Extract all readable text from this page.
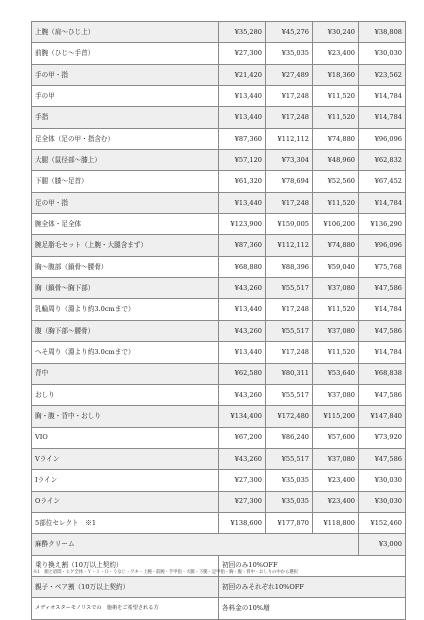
上腕（肩〜ひじ上）	¥35,280	¥45,276	¥30,240	¥38,808
前腕（ひじ〜手首）	¥27,300	¥35,035	¥23,400	¥30,030
手の甲・指	¥21,420	¥27,489	¥18,360	¥23,562
手の甲	¥13,440	¥17,248	¥11,520	¥14,784
手指	¥13,440	¥17,248	¥11,520	¥14,784
足全体（足の甲・指含む）	¥87,360	¥112,112	¥74,880	¥96,096
大腿（鼠径部〜膝上）	¥57,120	¥73,304	¥48,960	¥62,832
下腿（膝〜足首）	¥61,320	¥78,694	¥52,560	¥67,452
足の甲・指	¥13,440	¥17,248	¥11,520	¥14,784
腕全体・足全体	¥123,900	¥159,005	¥106,200	¥136,290
腕足脂毛セット（上腕・大腿含まず）	¥87,360	¥112,112	¥74,880	¥96,096
胸〜腹部（鎖骨〜腰骨）	¥68,880	¥88,396	¥59,040	¥75,768
胸（鎖骨〜胸下部）	¥43,260	¥55,517	¥37,080	¥47,586
乳輪周り（淵より約3.0cmまで）	¥13,440	¥17,248	¥11,520	¥14,784
腹（胸下部〜腰骨）	¥43,260	¥55,517	¥37,080	¥47,586
へそ周り（淵より約3.0cmまで）	¥13,440	¥17,248	¥11,520	¥14,784
背中	¥62,580	¥80,311	¥53,640	¥68,838
おしり	¥43,260	¥55,517	¥37,080	¥47,586
胸・腹・背中・おしり	¥134,400	¥172,480	¥115,200	¥147,840
VIO	¥67,200	¥86,240	¥57,600	¥73,920
Vライン	¥43,260	¥55,517	¥37,080	¥47,586
Iライン	¥27,300	¥35,035	¥23,400	¥30,030
Oライン	¥27,300	¥35,035	¥23,400	¥30,030
5部位セレクト　※1	¥138,600	¥177,870	¥118,800	¥152,460
麻酔クリーム				¥3,000
乗り換え割（10万以上契約）	初回のみ10%OFF			
親子・ペア割（10万以上契約）	初回のみそれぞれ10%OFF			
メディオスターモノリスでの　施術をご希望される方	各料金の10%増			
※1　顔と眉間・ヒゲ全体・Ｙ・Ｉ・Ｏ・うなじ・ワキ・上腕・前腕・手甲指・大腿・下腿・足甲指・胸・腹・背中・おしりの中から選択
